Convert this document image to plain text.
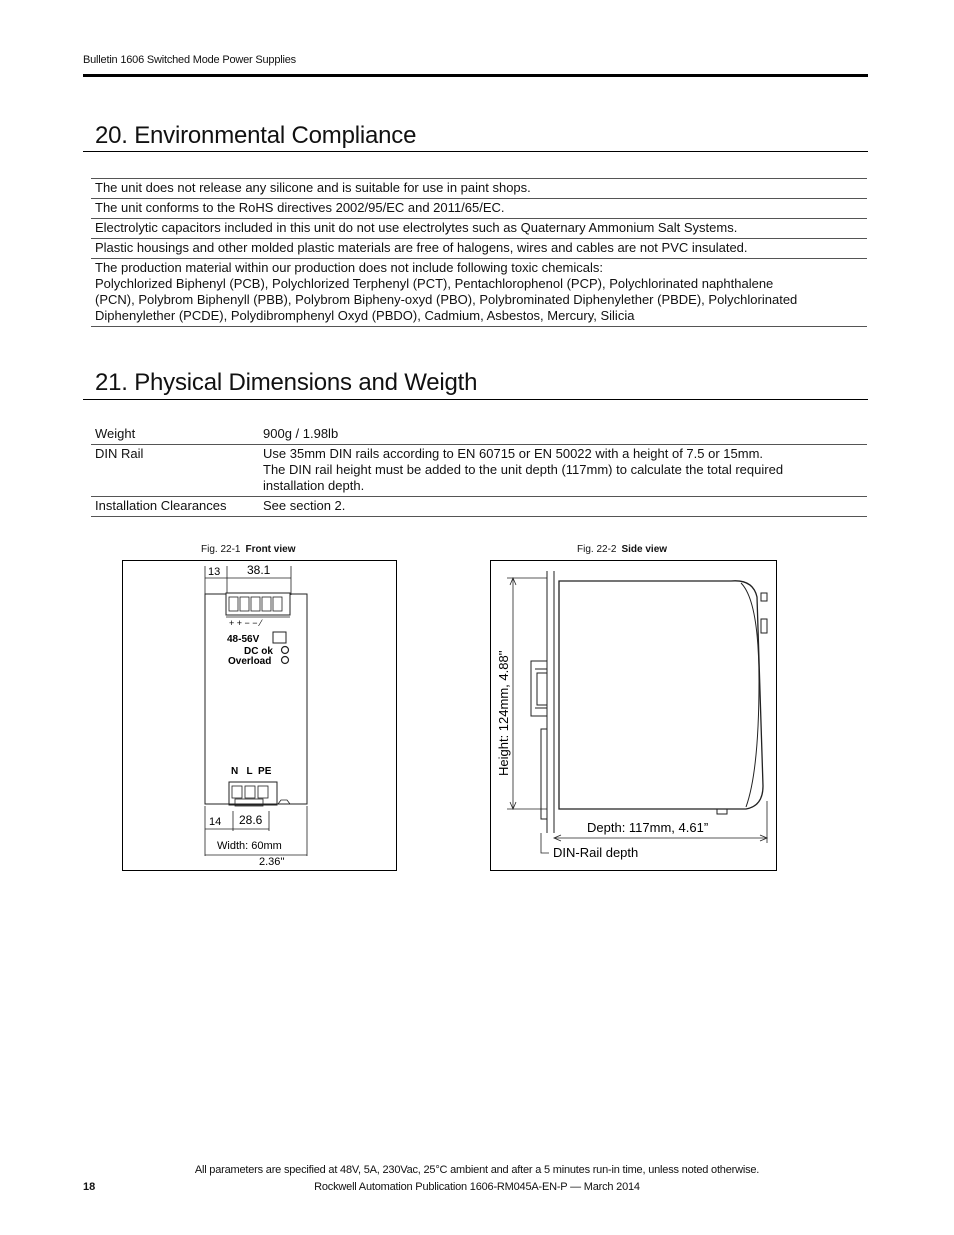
Bulletin 1606 Switched Mode Power Supplies
20. Environmental Compliance
The unit does not release any silicone and is suitable for use in paint shops.
The unit conforms to the RoHS directives 2002/95/EC and 2011/65/EC.
Electrolytic capacitors included in this unit do not use electrolytes such as Quaternary Ammonium Salt Systems.
Plastic housings and other molded plastic materials are free of halogens, wires and cables are not PVC insulated.

The production material within our production does not include following toxic chemicals:
Polychlorized Biphenyl (PCB), Polychlorized Terphenyl (PCT), Pentachlorophenol (PCP), Polychlorinated naphthalene
(PCN), Polybrom Biphenyll (PBB), Polybrom Bipheny-oxyd (PBO), Polybrominated Diphenylether (PBDE), Polychlorinated
Diphenylether (PCDE), Polydibromphenyl Oxyd (PBDO), Cadmium, Asbestos, Mercury, Silicia
21. Physical Dimensions and Weigth
Weight	900g / 1.98lb

DIN Rail	Use 35mm DIN rails according to EN 60715 or EN 50022 with a height of 7.5 or 15mm.
The DIN rail height must be added to the unit depth (117mm) to calculate the total required
installation depth.

Installation Clearances	See section 2.
Fig. 22-1 Front view	Fig. 22-2 Side view
13 38.1
+ + − − ⁄
48-56V
DC ok
Overload
N   L  PE
14 28.6
Width: 60mm
2.36''
Height: 124mm, 4.88''
Depth: 117mm, 4.61”
DIN-Rail depth
All parameters are specified at 48V, 5A, 230Vac, 25°C ambient and after a 5 minutes run-in time, unless noted otherwise.
18	Rockwell Automation Publication 1606-RM045A-EN-P — March 2014
